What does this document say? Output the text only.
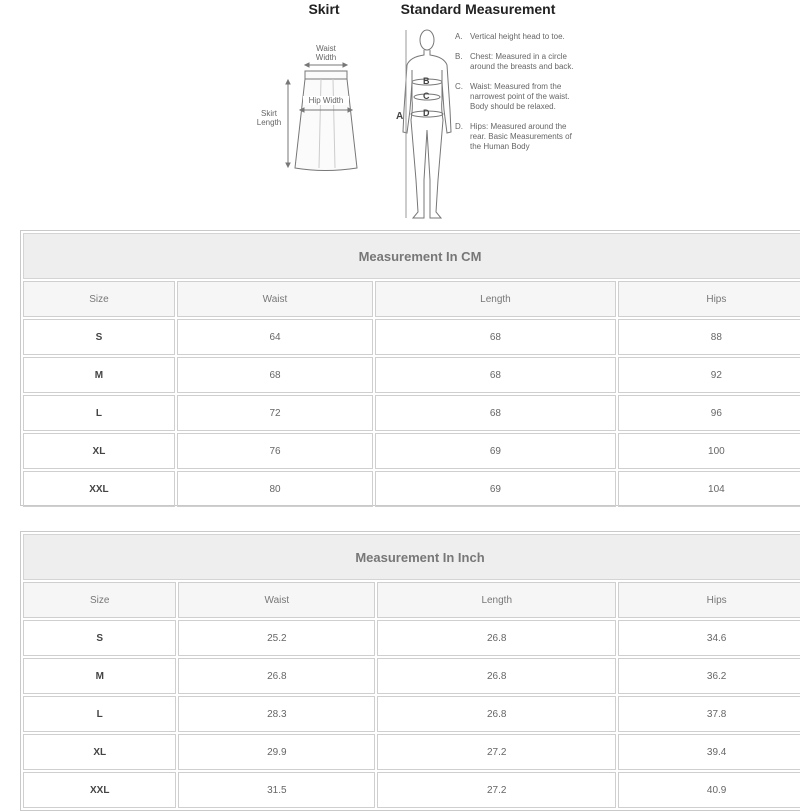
Skirt	Standard Measurement
Waist
Width
Hip Width
Skirt
Length
A
B
C
D
A. Vertical height head to toe.
B. Chest: Measured in a circle around the breasts and back.
C. Waist: Measured from the narrowest point of the waist. Body should be relaxed.
D. Hips: Measured around the rear. Basic Measurements of the Human Body
Measurement In CM
Size	Waist	Length	Hips
S	64	68	88
M	68	68	92
L	72	68	96
XL	76	69	100
XXL	80	69	104
Measurement In Inch
Size	Waist	Length	Hips
S	25.2	26.8	34.6
M	26.8	26.8	36.2
L	28.3	26.8	37.8
XL	29.9	27.2	39.4
XXL	31.5	27.2	40.9
